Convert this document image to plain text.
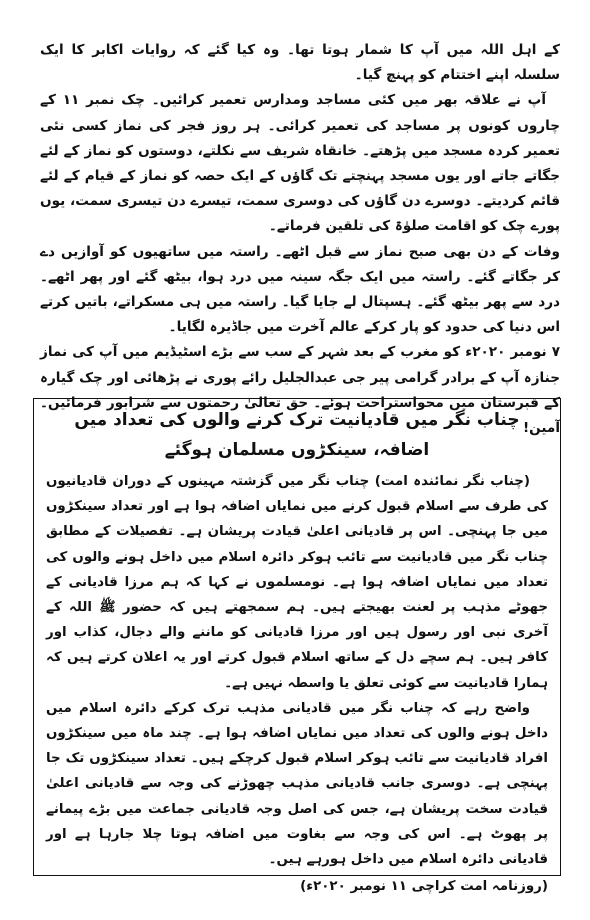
کے اہل اللہ میں آپ کا شمار ہوتا تھا۔ وہ کیا گئے کہ روایات اکابر کا ایک سلسلہ اپنے اختتام کو پہنچ گیا۔

آپ نے علاقہ بھر میں کئی مساجد ومدارس تعمیر کرائیں۔ چک نمبر ۱۱ کے چاروں کونوں پر مساجد کی تعمیر کرائی۔ ہر روز فجر کی نماز کسی نئی تعمیر کردہ مسجد میں پڑھتے۔ خانقاہ شریف سے نکلتے، دوستوں کو نماز کے لئے جگاتے جاتے اور یوں مسجد پہنچتے تک گاؤں کے ایک حصہ کو نماز کے قیام کے لئے قائم کردیتے۔ دوسرے دن گاؤں کی دوسری سمت، تیسرے دن تیسری سمت، یوں پورے چک کو اقامت صلوٰۃ کی تلقین فرماتے۔

وفات کے دن بھی صبح نماز سے قبل اٹھے۔ راستہ میں ساتھیوں کو آوازیں دے کر جگاتے گئے۔ راستہ میں ایک جگہ سینہ میں درد ہوا، بیٹھ گئے اور پھر اٹھے۔ درد سے پھر بیٹھ گئے۔ ہسپتال لے جایا گیا۔ راستہ میں ہی مسکراتے، باتیں کرتے اس دنیا کی حدود کو پار کرکے عالم آخرت میں جاڈیرہ لگایا۔

۷ نومبر ۲۰۲۰ء کو مغرب کے بعد شہر کے سب سے بڑے اسٹیڈیم میں آپ کی نماز جنازہ آپ کے برادر گرامی پیر جی عبدالجلیل رائے پوری نے پڑھائی اور چک گیارہ کے قبرستان میں محواستراحت ہوئے۔ حق تعالیٰ رحمتوں سے شرابور فرمائیں۔ آمین!

چناب نگر میں قادیانیت ترک کرنے والوں کی تعداد میں اضافہ، سینکڑوں مسلمان ہوگئے

(چناب نگر نمائندہ امت) چناب نگر میں گزشتہ مہینوں کے دوران قادیانیوں کی طرف سے اسلام قبول کرنے میں نمایاں اضافہ ہوا ہے اور تعداد سینکڑوں میں جا پہنچی۔ اس پر قادیانی اعلیٰ قیادت پریشان ہے۔ تفصیلات کے مطابق چناب نگر میں قادیانیت سے تائب ہوکر دائرہ اسلام میں داخل ہونے والوں کی تعداد میں نمایاں اضافہ ہوا ہے۔ نومسلموں نے کہا کہ ہم مرزا قادیانی کے جھوٹے مذہب پر لعنت بھیجتے ہیں۔ ہم سمجھتے ہیں کہ حضور ﷺ اللہ کے آخری نبی اور رسول ہیں اور مرزا قادیانی کو ماننے والے دجال، کذاب اور کافر ہیں۔ ہم سچے دل کے ساتھ اسلام قبول کرتے اور یہ اعلان کرتے ہیں کہ ہمارا قادیانیت سے کوئی تعلق یا واسطہ نہیں ہے۔

واضح رہے کہ چناب نگر میں قادیانی مذہب ترک کرکے دائرہ اسلام میں داخل ہونے والوں کی تعداد میں نمایاں اضافہ ہوا ہے۔ چند ماہ میں سینکڑوں افراد قادیانیت سے تائب ہوکر اسلام قبول کرچکے ہیں۔ تعداد سینکڑوں تک جا پہنچی ہے۔ دوسری جانب قادیانی مذہب چھوڑنے کی وجہ سے قادیانی اعلیٰ قیادت سخت پریشان ہے، جس کی اصل وجہ قادیانی جماعت میں بڑے پیمانے پر پھوٹ ہے۔ اس کی وجہ سے بغاوت میں اضافہ ہوتا چلا جارہا ہے اور قادیانی دائرہ اسلام میں داخل ہورہے ہیں۔

(روزنامہ امت کراچی ۱۱ نومبر ۲۰۲۰ء)
